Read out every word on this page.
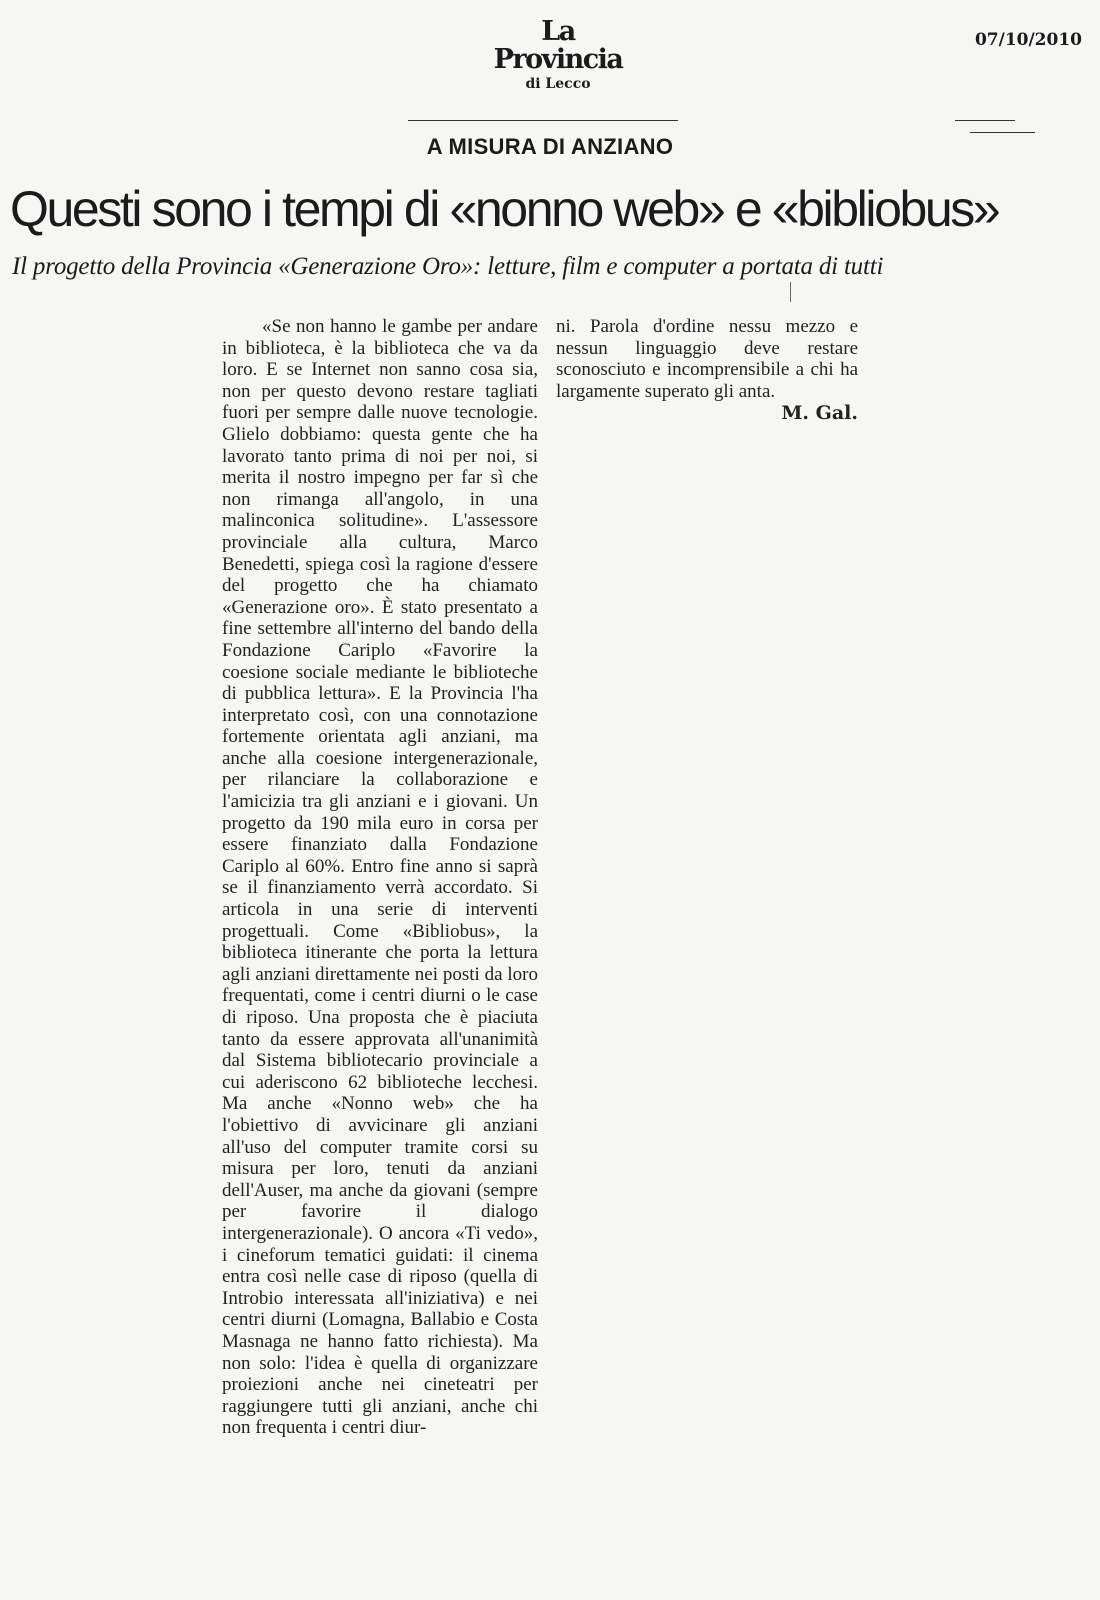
La Provincia
di Lecco
07/10/2010
A MISURA DI ANZIANO
Questi sono i tempi di «nonno web» e «bibliobus»
Il progetto della Provincia «Generazione Oro»: letture, film e computer a portata di tutti

«Se non hanno le gambe per andare in biblioteca, è la biblioteca che va da loro. E se Internet non sanno cosa sia, non per questo devono restare tagliati fuori per sempre dalle nuove tecnologie. Glielo dobbiamo: questa gente che ha lavorato tanto prima di noi per noi, si merita il nostro impegno per far sì che non rimanga all'angolo, in una malinconica solitudine». L'assessore provinciale alla cultura, Marco Benedetti, spiega così la ragione d'essere del progetto che ha chiamato «Generazione oro». È stato presentato a fine settembre all'interno del bando della Fondazione Cariplo «Favorire la coesione sociale mediante le biblioteche di pubblica lettura». E la Provincia l'ha interpretato così, con una connotazione fortemente orientata agli anziani, ma anche alla coesione intergenerazionale, per rilanciare la collaborazione e l'amicizia tra gli anziani e i giovani. Un progetto da 190 mila euro in corsa per essere finanziato dalla Fondazione Cariplo al 60%. Entro fine anno si saprà se il finanziamento verrà accordato. Si articola in una serie di interventi progettuali. Come «Bibliobus», la biblioteca itinerante che porta la lettura agli anziani direttamente nei posti da loro frequentati, come i centri diurni o le case di riposo. Una proposta che è piaciuta tanto da essere approvata all'unanimità dal Sistema bibliotecario provinciale a cui aderiscono 62 biblioteche lecchesi. Ma anche «Nonno web» che ha l'obiettivo di avvicinare gli anziani all'uso del computer tramite corsi su misura per loro, tenuti da anziani dell'Auser, ma anche da giovani (sempre per favorire il dialogo intergenerazionale). O ancora «Ti vedo», i cineforum tematici guidati: il cinema entra così nelle case di riposo (quella di Introbio interessata all'iniziativa) e nei centri diurni (Lomagna, Ballabio e Costa Masnaga ne hanno fatto richiesta). Ma non solo: l'idea è quella di organizzare proiezioni anche nei cineteatri per raggiungere tutti gli anziani, anche chi non frequenta i centri diur-

ni. Parola d'ordine nessu mezzo e nessun linguaggio deve restare sconosciuto e incomprensibile a chi ha largamente superato gli anta.

M. Gal.
